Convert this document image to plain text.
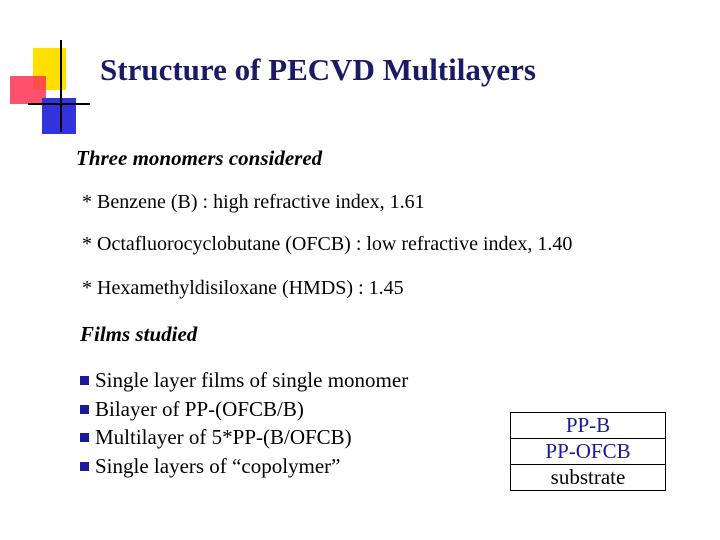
Structure of PECVD Multilayers
Three monomers considered
* Benzene (B) : high refractive index, 1.61
* Octafluorocyclobutane (OFCB) : low refractive index, 1.40
* Hexamethyldisiloxane (HMDS) : 1.45
Films studied
Single layer films of single monomer
Bilayer of PP-(OFCB/B)
Multilayer of 5*PP-(B/OFCB)
Single layers of “copolymer”
PP-B
PP-OFCB
substrate
